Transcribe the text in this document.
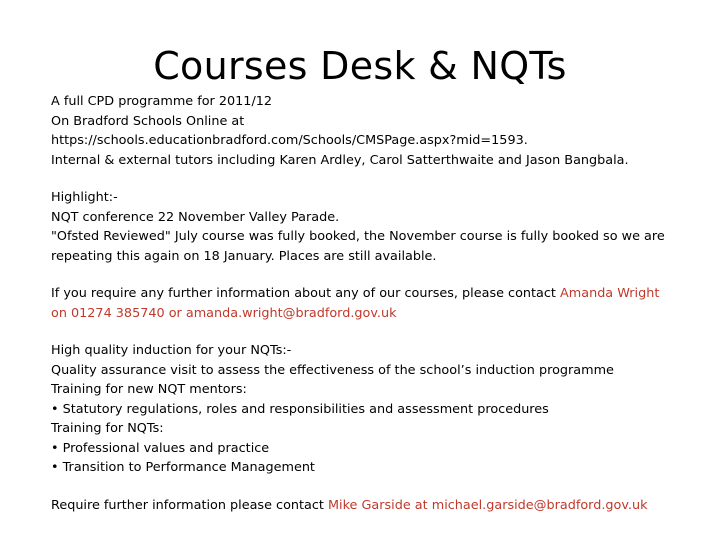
Courses Desk & NQTs
A full CPD programme for 2011/12
On Bradford Schools Online at
https://schools.educationbradford.com/Schools/CMSPage.aspx?mid=1593.
Internal & external tutors including Karen Ardley, Carol Satterthwaite and Jason Bangbala.
Highlight:-
NQT conference 22 November Valley Parade.
"Ofsted Reviewed" July course was fully booked, the November course is fully booked so we are repeating this again on 18 January. Places are still available.
If you require any further information about any of our courses, please contact Amanda Wright
on 01274 385740 or amanda.wright@bradford.gov.uk
High quality induction for your NQTs:-
Quality assurance visit to assess the effectiveness of the school’s induction programme
Training for new NQT mentors:
• Statutory regulations, roles and responsibilities and assessment procedures
Training for NQTs:
• Professional values and practice
• Transition to Performance Management
Require further information please contact Mike Garside at michael.garside@bradford.gov.uk
